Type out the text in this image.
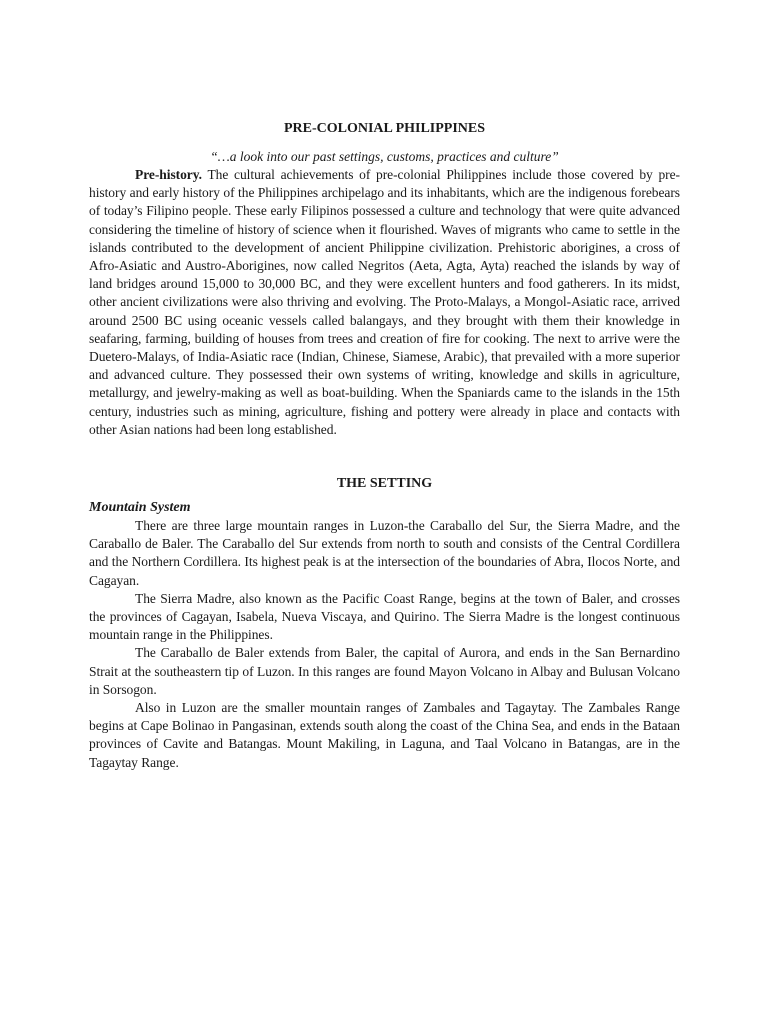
PRE-COLONIAL PHILIPPINES
“…a look into our past settings, customs, practices and culture”

Pre-history. The cultural achievements of pre-colonial Philippines include those covered by pre-history and early history of the Philippines archipelago and its inhabitants, which are the indigenous forebears of today’s Filipino people. These early Filipinos possessed a culture and technology that were quite advanced considering the timeline of history of science when it flourished. Waves of migrants who came to settle in the islands contributed to the development of ancient Philippine civilization. Prehistoric aborigines, a cross of Afro-Asiatic and Austro-Aborigines, now called Negritos (Aeta, Agta, Ayta) reached the islands by way of land bridges around 15,000 to 30,000 BC, and they were excellent hunters and food gatherers. In its midst, other ancient civilizations were also thriving and evolving. The Proto-Malays, a Mongol-Asiatic race, arrived around 2500 BC using oceanic vessels called balangays, and they brought with them their knowledge in seafaring, farming, building of houses from trees and creation of fire for cooking. The next to arrive were the Duetero-Malays, of India-Asiatic race (Indian, Chinese, Siamese, Arabic), that prevailed with a more superior and advanced culture. They possessed their own systems of writing, knowledge and skills in agriculture, metallurgy, and jewelry-making as well as boat-building. When the Spaniards came to the islands in the 15th century, industries such as mining, agriculture, fishing and pottery were already in place and contacts with other Asian nations had been long established.

THE SETTING
Mountain System

There are three large mountain ranges in Luzon-the Caraballo del Sur, the Sierra Madre, and the Caraballo de Baler. The Caraballo del Sur extends from north to south and consists of the Central Cordillera and the Northern Cordillera. Its highest peak is at the intersection of the boundaries of Abra, Ilocos Norte, and Cagayan.

The Sierra Madre, also known as the Pacific Coast Range, begins at the town of Baler, and crosses the provinces of Cagayan, Isabela, Nueva Viscaya, and Quirino. The Sierra Madre is the longest continuous mountain range in the Philippines.

The Caraballo de Baler extends from Baler, the capital of Aurora, and ends in the San Bernardino Strait at the southeastern tip of Luzon. In this ranges are found Mayon Volcano in Albay and Bulusan Volcano in Sorsogon.

Also in Luzon are the smaller mountain ranges of Zambales and Tagaytay. The Zambales Range begins at Cape Bolinao in Pangasinan, extends south along the coast of the China Sea, and ends in the Bataan provinces of Cavite and Batangas. Mount Makiling, in Laguna, and Taal Volcano in Batangas, are in the Tagaytay Range.
